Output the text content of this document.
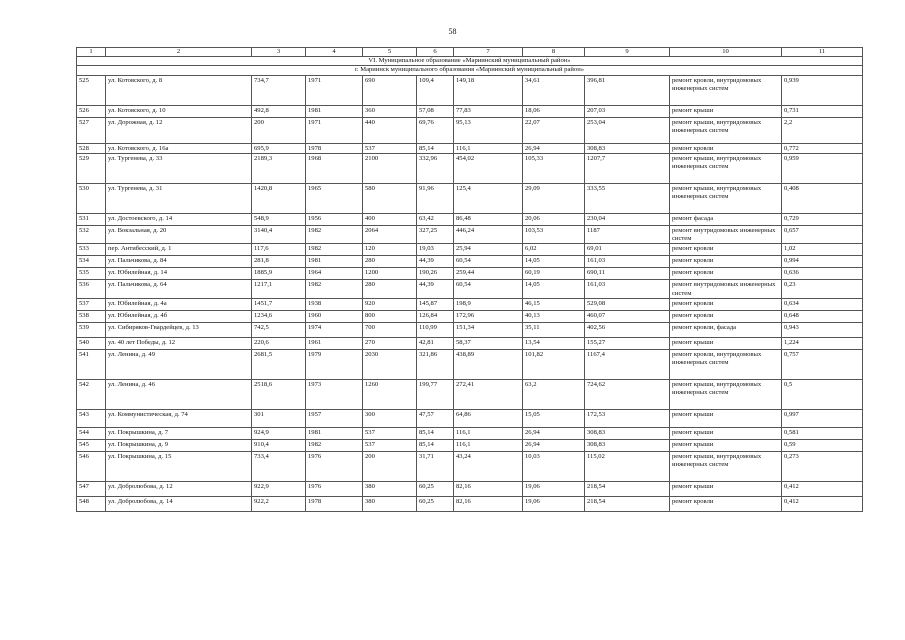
58
1	2	3	4	5	6	7	8	9	10	11
VI. Муниципальное образование «Мариинский муниципальный район»										
г. Мариинск муниципального образования «Мариинский муниципальный район»										
525	ул. Котовского, д. 8	734,7	1971	690	109,4	149,18	34,61	396,81	ремонт кровли, внутридомовых инженерных систем	0,939
526	ул. Котовского, д. 10	492,8	1981	360	57,08	77,83	18,06	207,03	ремонт крыши	0,731
527	ул. Дорожная, д. 12	200	1971	440	69,76	95,13	22,07	253,04	ремонт крыши, внутридомовых инженерных систем	2,2
528	ул. Котовского, д. 16а	695,9	1978	537	85,14	116,1	26,94	308,83	ремонт кровли	0,772
529	ул. Тургенева, д. 33	2189,3	1968	2100	332,96	454,02	105,33	1207,7	ремонт крыши, внутридомовых инженерных систем	0,959
530	ул. Тургенева, д. 31	1420,8	1965	580	91,96	125,4	29,09	333,55	ремонт крыши, внутридомовых инженерных систем	0,408
531	ул. Достоевского, д. 14	548,9	1956	400	63,42	86,48	20,06	230,04	ремонт фасада	0,729
532	ул. Вокзальная, д. 20	3140,4	1982	2064	327,25	446,24	103,53	1187	ремонт внутридомовых инженерных систем	0,657
533	пер. Антибесский, д. 1	117,6	1982	120	19,03	25,94	6,02	69,01	ремонт кровли	1,02
534	ул. Пальчикова, д. 84	281,8	1981	280	44,39	60,54	14,05	161,03	ремонт кровли	0,994
535	ул. Юбилейная, д. 14	1885,9	1964	1200	190,26	259,44	60,19	690,11	ремонт кровли	0,636
536	ул. Пальчикова, д. 64	1217,1	1982	280	44,39	60,54	14,05	161,03	ремонт внутридомовых инженерных систем	0,23
537	ул. Юбилейная, д. 4а	1451,7	1938	920	145,87	198,9	46,15	529,08	ремонт кровли	0,634
538	ул. Юбилейная, д. 4б	1234,6	1960	800	126,84	172,96	40,13	460,07	ремонт кровли	0,648
539	ул. Сибиряков-Гвардейцев, д. 13	742,5	1974	700	110,99	151,34	35,11	402,56	ремонт кровли, фасада	0,943
540	ул. 40 лет Победы, д. 12	220,6	1961	270	42,81	58,37	13,54	155,27	ремонт крыши	1,224
541	ул. Ленина, д. 49	2681,5	1979	2030	321,86	438,89	101,82	1167,4	ремонт кровли, внутридомовых инженерных систем	0,757
542	ул. Ленина, д. 46	2518,6	1973	1260	199,77	272,41	63,2	724,62	ремонт крыши, внутридомовых инженерных систем	0,5
543	ул. Коммунистическая, д. 74	301	1957	300	47,57	64,86	15,05	172,53	ремонт крыши	0,997
544	ул. Покрышкина, д. 7	924,9	1981	537	85,14	116,1	26,94	308,83	ремонт крыши	0,581
545	ул. Покрышкина, д. 9	910,4	1982	537	85,14	116,1	26,94	308,83	ремонт крыши	0,59
546	ул. Покрышкина, д. 15	733,4	1976	200	31,71	43,24	10,03	115,02	ремонт крыши, внутридомовых инженерных систем	0,273
547	ул. Добролюбова, д. 12	922,9	1976	380	60,25	82,16	19,06	218,54	ремонт крыши	0,412
548	ул. Добролюбова, д. 14	922,2	1978	380	60,25	82,16	19,06	218,54	ремонт кровли	0,412
